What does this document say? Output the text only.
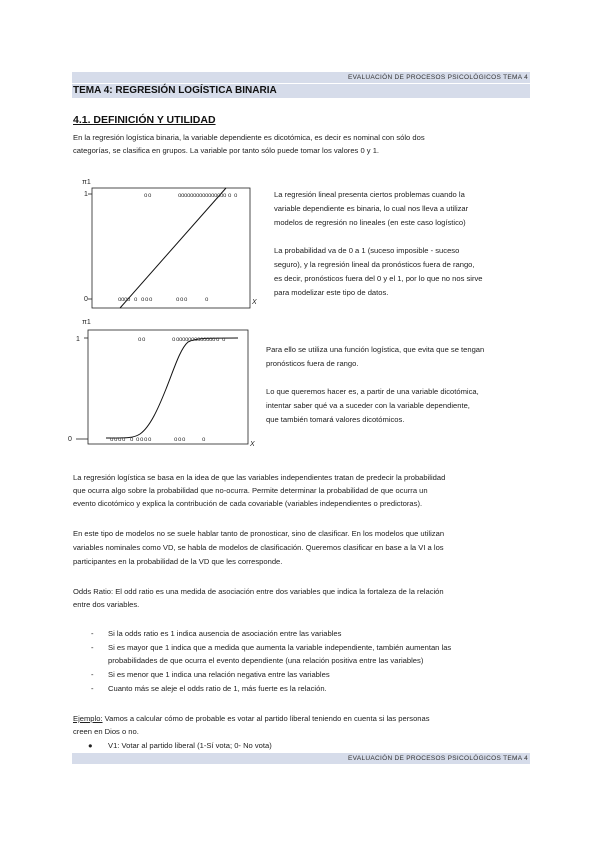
EVALUACIÓN DE PROCESOS PSICOLÓGICOS TEMA 4
TEMA 4: REGRESIÓN LOGÍSTICA BINARIA
4.1. DEFINICIÓN Y UTILIDAD
En la regresión logística binaria, la variable dependiente es dicotómica, es decir es nominal con sólo dos
categorías, se clasifica en grupos. La variable por tanto sólo puede tomar los valores 0 y 1.
π1
1
0
o o	o o o o o o o o o o o o o o o o o o
o o o o o o o o	o o o	o	X
La regresión lineal presenta ciertos problemas cuando la
variable dependiente es binaria, lo cual nos lleva a utilizar
modelos de regresión no lineales (en este caso logístico)
La probabilidad va de 0 a 1 (suceso imposible - suceso
seguro), y la regresión lineal da pronósticos fuera de rango,
es decir, pronósticos fuera del 0 y el 1, por lo que no nos sirve
para modelizar este tipo de datos.
π1
1
0
o o	o o o o o o o o o o o o o o o o
o o o o o o o o o	o o o	o
X
Para ello se utiliza una función logística, que evita que se tengan
pronósticos fuera de rango.
Lo que queremos hacer es, a partir de una variable dicotómica,
intentar saber qué va a suceder con la variable dependiente,
que también tomará valores dicotómicos.
La regresión logística se basa en la idea de que las variables independientes tratan de predecir la probabilidad
que ocurra algo sobre la probabilidad que no-ocurra. Permite determinar la probabilidad de que ocurra un
evento dicotómico y explica la contribución de cada covariable (variables independientes o predictoras).
En este tipo de modelos no se suele hablar tanto de pronosticar, sino de clasificar. En los modelos que utilizan
variables nominales como VD, se habla de modelos de clasificación. Queremos clasificar en base a la VI a los
participantes en la probabilidad de la VD que les corresponde.
Odds Ratio: El odd ratio es una medida de asociación entre dos variables que indica la fortaleza de la relación
entre dos variables.
- Si la odds ratio es 1 indica ausencia de asociación entre las variables
- Si es mayor que 1 indica que a medida que aumenta la variable independiente, también aumentan las
probabilidades de que ocurra el evento dependiente (una relación positiva entre las variables)
- Si es menor que 1 indica una relación negativa entre las variables
- Cuanto más se aleje el odds ratio de 1, más fuerte es la relación.
Ejemplo: Vamos a calcular cómo de probable es votar al partido liberal teniendo en cuenta si las personas
creen en Dios o no.
● V1: Votar al partido liberal (1-Sí vota; 0- No vota)
EVALUACIÓN DE PROCESOS PSICOLÓGICOS TEMA 4
